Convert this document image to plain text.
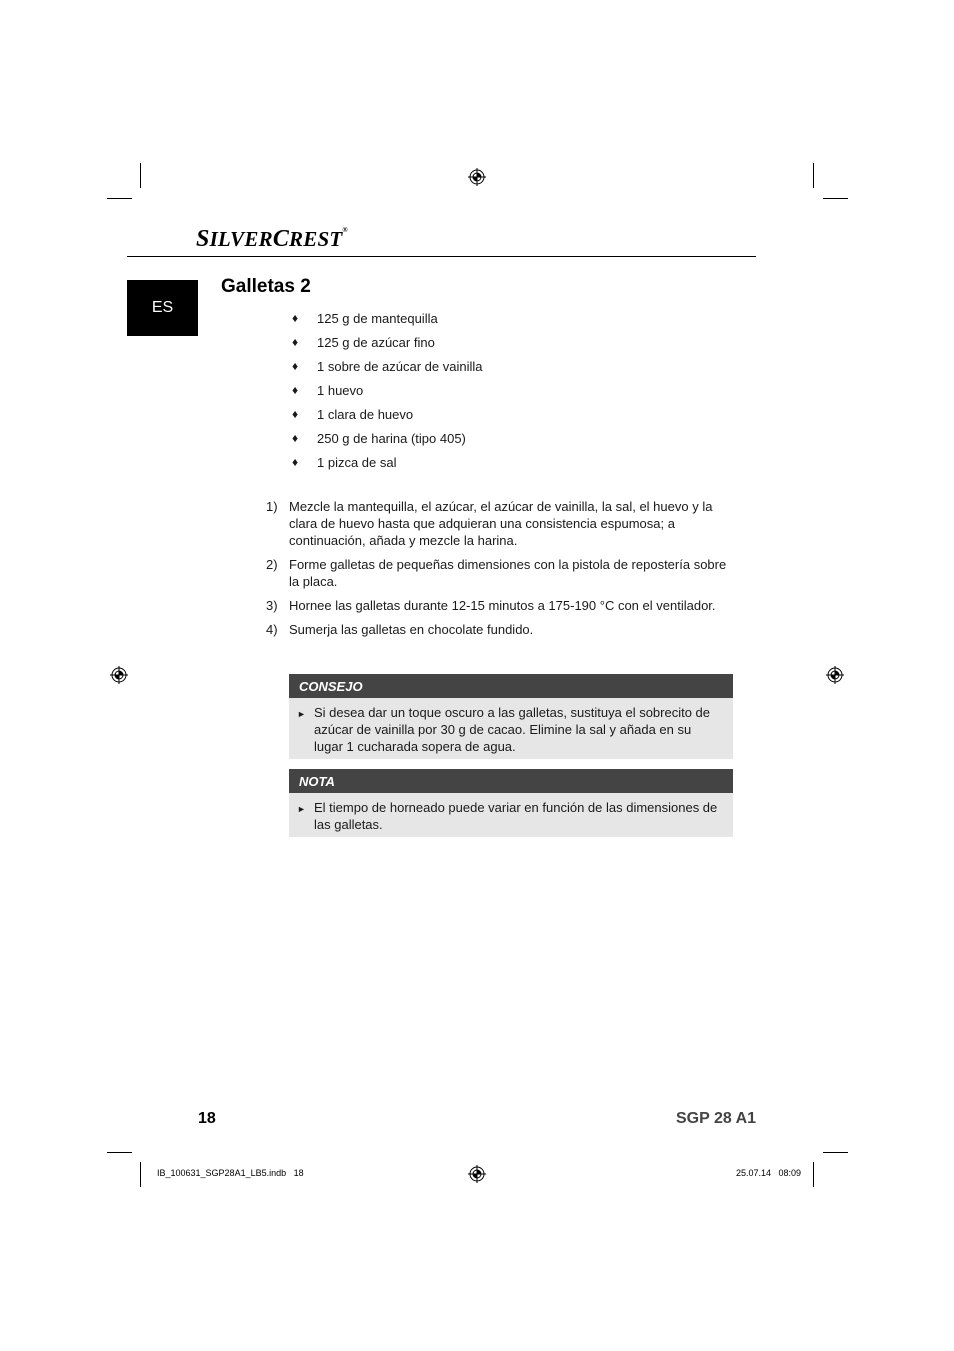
SILVERCREST®
ES
Galletas 2
♦	125 g de mantequilla
♦	125 g de azúcar fino
♦	1 sobre de azúcar de vainilla
♦	1 huevo
♦	1 clara de huevo
♦	250 g de harina (tipo 405)
♦	1 pizca de sal
1) Mezcle la mantequilla, el azúcar, el azúcar de vainilla, la sal, el huevo y la clara de huevo hasta que adquieran una consistencia espumosa; a continuación, añada y mezcle la harina.
2) Forme galletas de pequeñas dimensiones con la pistola de repostería sobre la placa.
3) Hornee las galletas durante 12-15 minutos a 175-190 °C con el ventilador.
4) Sumerja las galletas en chocolate fundido.
CONSEJO
► Si desea dar un toque oscuro a las galletas, sustituya el sobrecito de azúcar de vainilla por 30 g de cacao. Elimine la sal y añada en su lugar 1 cucharada sopera de agua.
NOTA
► El tiempo de horneado puede variar en función de las dimensiones de las galletas.
18	SGP 28 A1
IB_100631_SGP28A1_LB5.indb   18	25.07.14   08:09
